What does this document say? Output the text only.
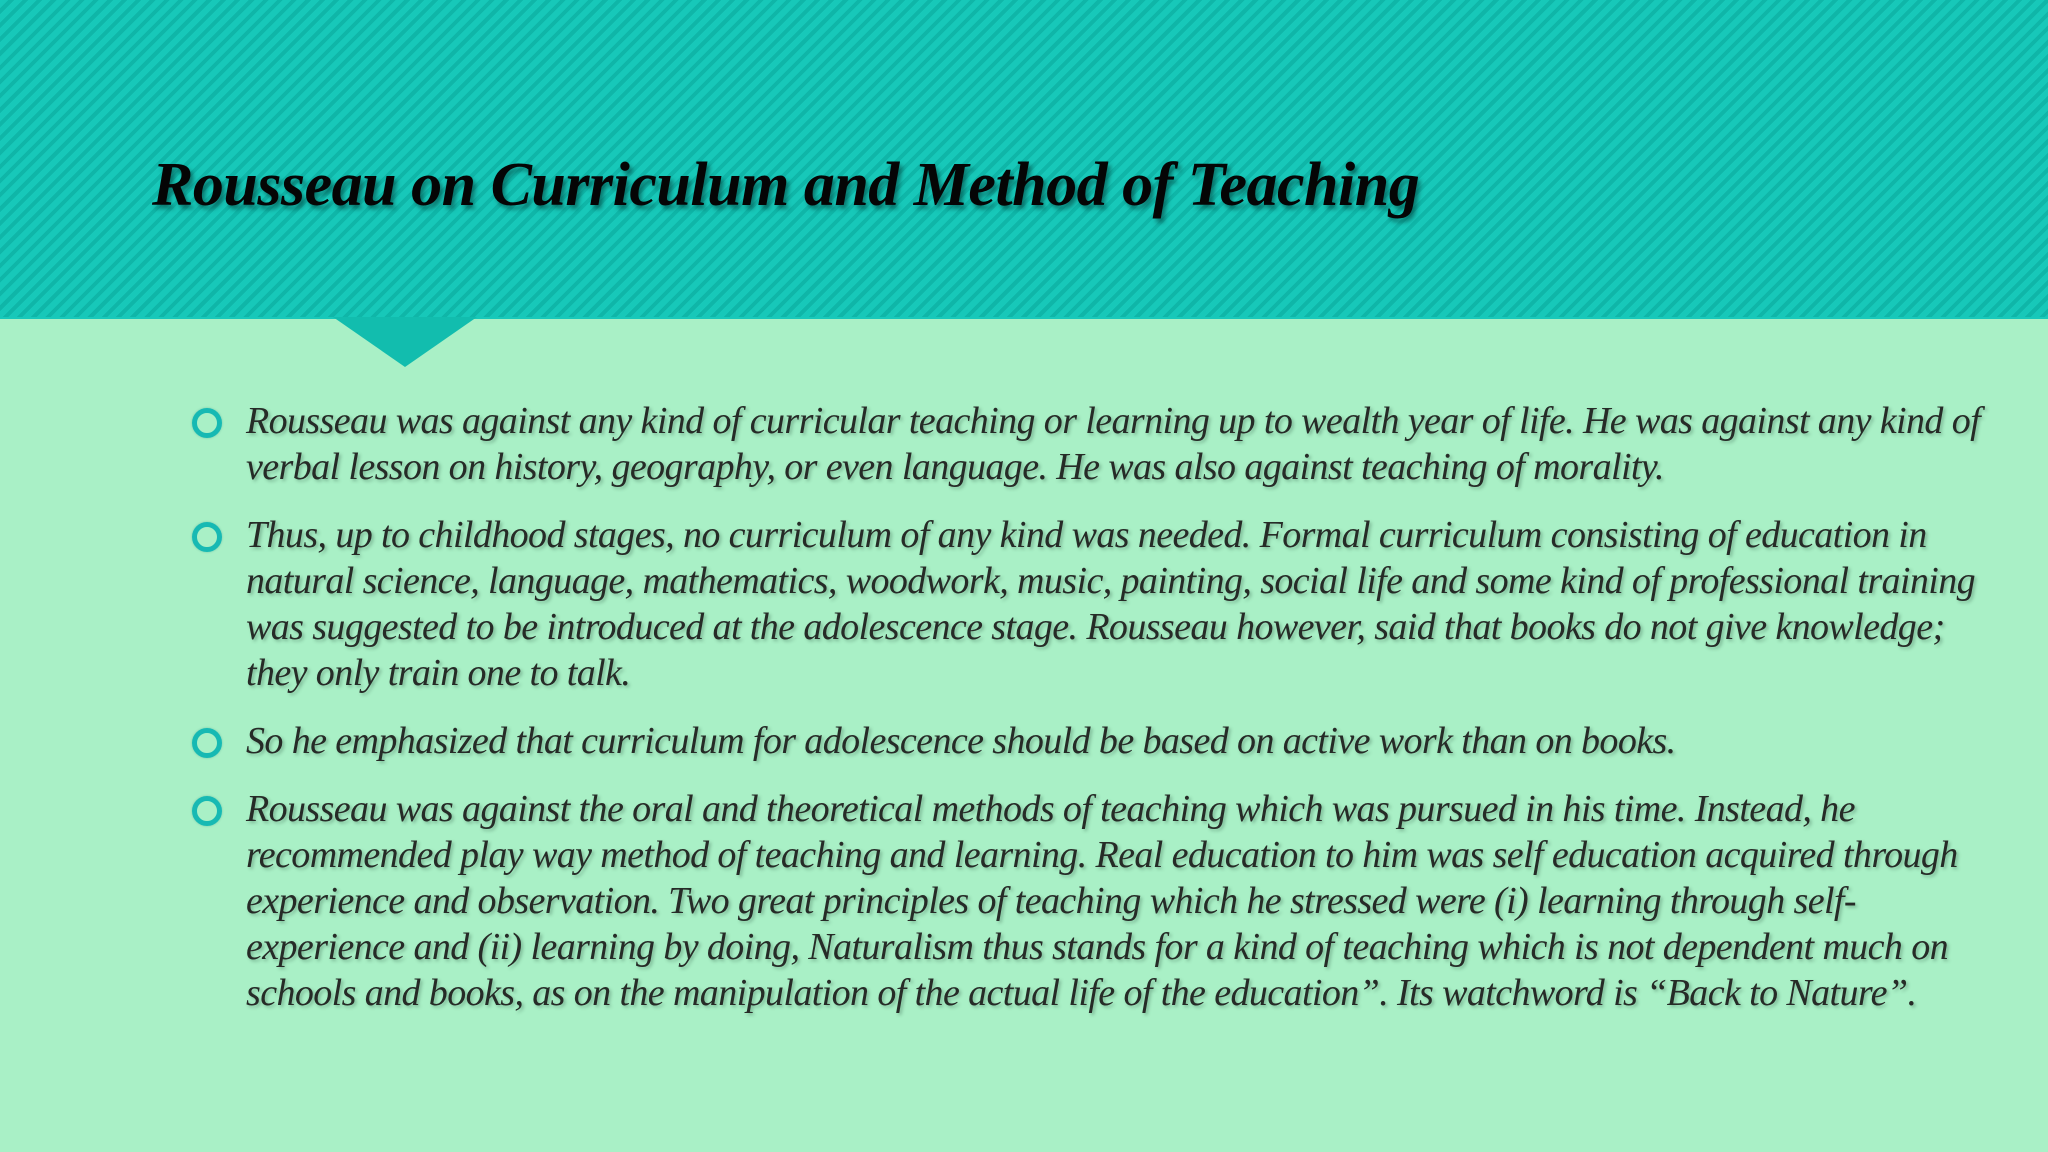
Rousseau on Curriculum and Method of Teaching
Rousseau was against any kind of curricular teaching or learning up to wealth year of life. He was against any kind of verbal lesson on history, geography, or even language. He was also against teaching of morality.
Thus, up to childhood stages, no curriculum of any kind was needed. Formal curriculum consisting of education in natural science, language, mathematics, woodwork, music, painting, social life and some kind of professional training was suggested to be introduced at the adolescence stage. Rousseau however, said that books do not give knowledge; they only train one to talk.
So he emphasized that curriculum for adolescence should be based on active work than on books.
Rousseau was against the oral and theoretical methods of teaching which was pursued in his time. Instead, he recommended play way method of teaching and learning. Real education to him was self education acquired through experience and observation. Two great principles of teaching which he stressed were (i) learning through self-experience and (ii) learning by doing, Naturalism thus stands for a kind of teaching which is not dependent much on schools and books, as on the manipulation of the actual life of the education”. Its watchword is “Back to Nature”.
